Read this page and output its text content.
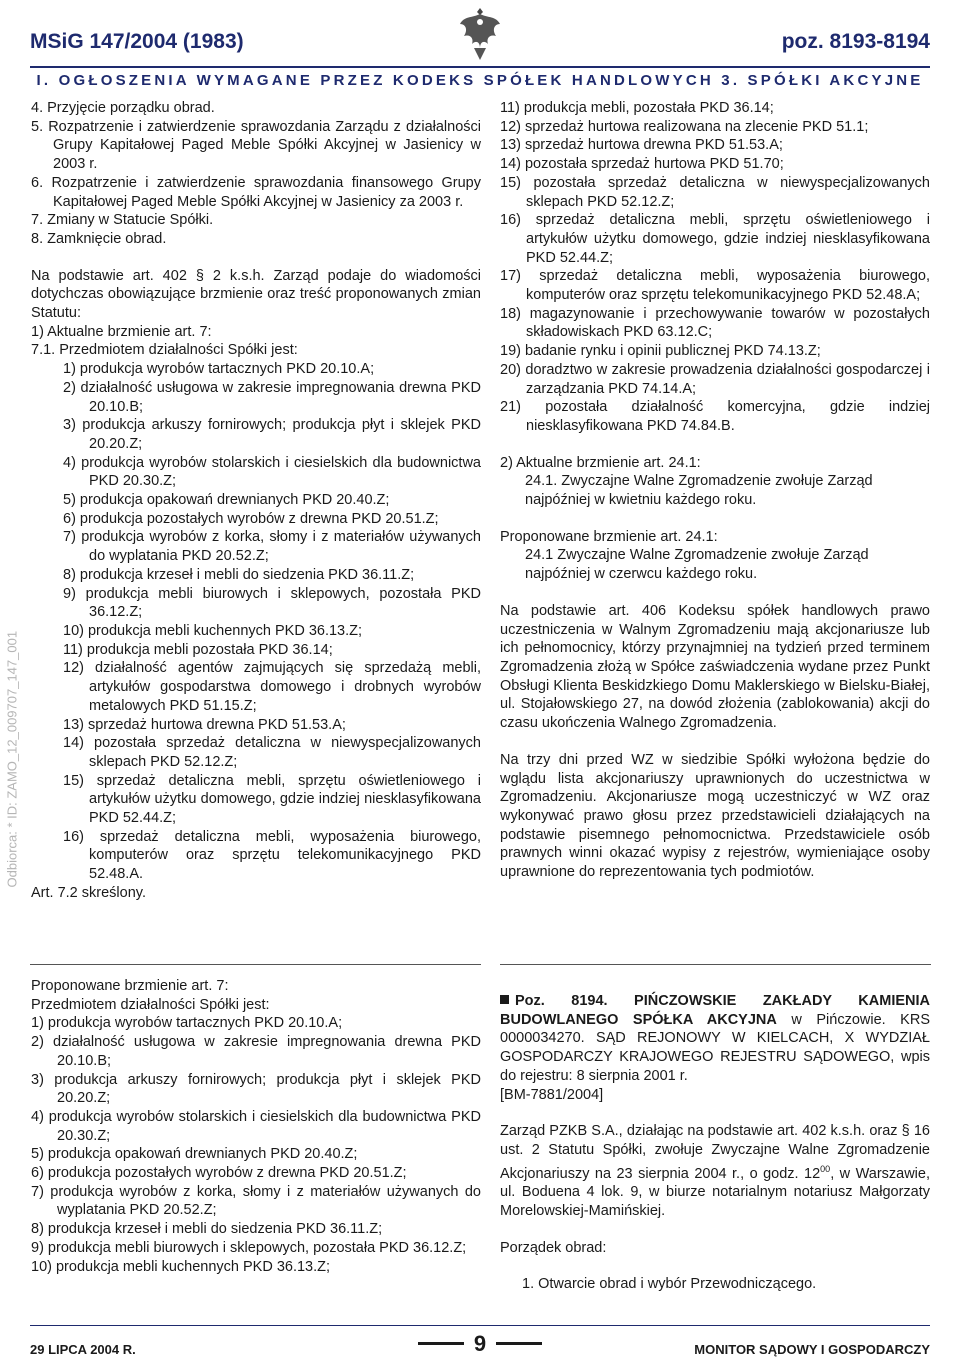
MSiG 147/2004 (1983)	poz. 8193-8194
I. OGŁOSZENIA WYMAGANE PRZEZ KODEKS SPÓŁEK HANDLOWYCH 3. SPÓŁKI AKCYJNE
Odbiorca: * ID: ZAMO_12_009707_147_001

4. Przyjęcie porządku obrad.

5. Rozpatrzenie i zatwierdzenie sprawozdania Zarządu z działalności Grupy Kapitałowej Paged Meble Spółki Akcyjnej w Jasienicy w 2003 r.

6. Rozpatrzenie i zatwierdzenie sprawozdania finansowego Grupy Kapitałowej Paged Meble Spółki Akcyjnej w Jasienicy za 2003 r.

7. Zmiany w Statucie Spółki.

8. Zamknięcie obrad.

Na podstawie art. 402 § 2 k.s.h. Zarząd podaje do wiadomości dotychczas obowiązujące brzmienie oraz treść proponowanych zmian Statutu:

1) Aktualne brzmienie art. 7:

7.1. Przedmiotem działalności Spółki jest:

1) produkcja wyrobów tartacznych PKD 20.10.A;

2) działalność usługowa w zakresie impregnowania drewna PKD 20.10.B;

3) produkcja arkuszy fornirowych; produkcja płyt i sklejek PKD 20.20.Z;

4) produkcja wyrobów stolarskich i ciesielskich dla budownictwa PKD 20.30.Z;

5) produkcja opakowań drewnianych PKD 20.40.Z;

6) produkcja pozostałych wyrobów z drewna PKD 20.51.Z;

7) produkcja wyrobów z korka, słomy i z materiałów używanych do wyplatania PKD 20.52.Z;

8) produkcja krzeseł i mebli do siedzenia PKD 36.11.Z;

9) produkcja mebli biurowych i sklepowych, pozostała PKD 36.12.Z;

10) produkcja mebli kuchennych PKD 36.13.Z;

11) produkcja mebli pozostała PKD 36.14;

12) działalność agentów zajmujących się sprzedażą mebli, artykułów gospodarstwa domowego i drobnych wyrobów metalowych PKD 51.15.Z;

13) sprzedaż hurtowa drewna PKD 51.53.A;

14) pozostała sprzedaż detaliczna w niewyspecjalizowanych sklepach PKD 52.12.Z;

15) sprzedaż detaliczna mebli, sprzętu oświetleniowego i artykułów użytku domowego, gdzie indziej niesklasyfikowana PKD 52.44.Z;

16) sprzedaż detaliczna mebli, wyposażenia biurowego, komputerów oraz sprzętu telekomunikacyjnego PKD 52.48.A.

Art. 7.2 skreślony.

11) produkcja mebli, pozostała PKD 36.14;

12) sprzedaż hurtowa realizowana na zlecenie PKD 51.1;

13) sprzedaż hurtowa drewna PKD 51.53.A;

14) pozostała sprzedaż hurtowa PKD 51.70;

15) pozostała sprzedaż detaliczna w niewyspecjalizowanych sklepach PKD 52.12.Z;

16) sprzedaż detaliczna mebli, sprzętu oświetleniowego i artykułów użytku domowego, gdzie indziej niesklasyfikowana PKD 52.44.Z;

17) sprzedaż detaliczna mebli, wyposażenia biurowego, komputerów oraz sprzętu telekomunikacyjnego PKD 52.48.A;

18) magazynowanie i przechowywanie towarów w pozostałych składowiskach PKD 63.12.C;

19) badanie rynku i opinii publicznej PKD 74.13.Z;

20) doradztwo w zakresie prowadzenia działalności gospodarczej i zarządzania PKD 74.14.A;

21) pozostała działalność komercyjna, gdzie indziej niesklasyfikowana PKD 74.84.B.

2) Aktualne brzmienie art. 24.1:

24.1. Zwyczajne Walne Zgromadzenie zwołuje Zarząd najpóźniej w kwietniu każdego roku.

Proponowane brzmienie art. 24.1:

24.1 Zwyczajne Walne Zgromadzenie zwołuje Zarząd najpóźniej w czerwcu każdego roku.

Na podstawie art. 406 Kodeksu spółek handlowych prawo uczestniczenia w Walnym Zgromadzeniu mają akcjonariusze lub ich pełnomocnicy, którzy przynajmniej na tydzień przed terminem Zgromadzenia złożą w Spółce zaświadczenia wydane przez Punkt Obsługi Klienta Beskidzkiego Domu Maklerskiego w Bielsku-Białej, ul. Stojałowskiego 27, na dowód złożenia (zablokowania) akcji do czasu ukończenia Walnego Zgromadzenia.

Na trzy dni przed WZ w siedzibie Spółki wyłożona będzie do wglądu lista akcjonariuszy uprawnionych do uczestnictwa w Zgromadzeniu. Akcjonariusze mogą uczestniczyć w WZ oraz wykonywać prawo głosu przez przedstawicieli działających na podstawie pisemnego pełnomocnictwa. Przedstawiciele osób prawnych winni okazać wypisy z rejestrów, wymieniające osoby uprawnione do reprezentowania tych podmiotów.

Proponowane brzmienie art. 7:

Przedmiotem działalności Spółki jest:

1) produkcja wyrobów tartacznych PKD 20.10.A;

2) działalność usługowa w zakresie impregnowania drewna PKD 20.10.B;

3) produkcja arkuszy fornirowych; produkcja płyt i sklejek PKD 20.20.Z;

4) produkcja wyrobów stolarskich i ciesielskich dla budownictwa PKD 20.30.Z;

5) produkcja opakowań drewnianych PKD 20.40.Z;

6) produkcja pozostałych wyrobów z drewna PKD 20.51.Z;

7) produkcja wyrobów z korka, słomy i z materiałów używanych do wyplatania PKD 20.52.Z;

8) produkcja krzeseł i mebli do siedzenia PKD 36.11.Z;

9) produkcja mebli biurowych i sklepowych, pozostała PKD 36.12.Z;

10) produkcja mebli kuchennych PKD 36.13.Z;

Poz. 8194. PIŃCZOWSKIE ZAKŁADY KAMIENIA BUDOWLANEGO SPÓŁKA AKCYJNA w Pińczowie. KRS 0000034270. SĄD REJONOWY W KIELCACH, X WYDZIAŁ GOSPODARCZY KRAJOWEGO REJESTRU SĄDOWEGO, wpis do rejestru: 8 sierpnia 2001 r.

[BM-7881/2004]

Zarząd PZKB S.A., działając na podstawie art. 402 k.s.h. oraz § 16 ust. 2 Statutu Spółki, zwołuje Zwyczajne Walne Zgromadzenie Akcjonariuszy na 23 sierpnia 2004 r., o godz. $12^{00}$, w Warszawie, ul. Boduena 4 lok. 9, w biurze notarialnym notariusz Małgorzaty Morelowskiej-Mamińskiej.

Porządek obrad:

1. Otwarcie obrad i wybór Przewodniczącego.

29 LIPCA 2004 R.	9	MONITOR SĄDOWY I GOSPODARCZY
